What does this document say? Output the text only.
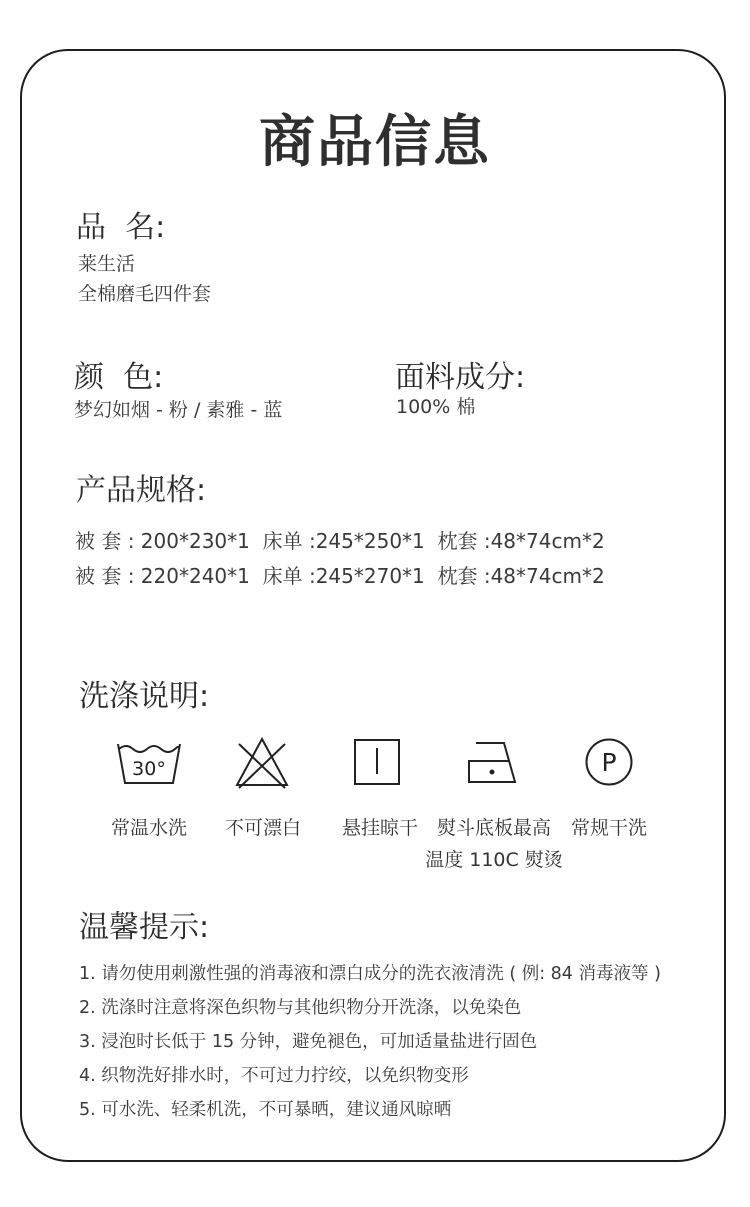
商品信息
品  名:
莱生活
全棉磨毛四件套
颜  色:
梦幻如烟 - 粉 / 素雅 - 蓝
面料成分:
100% 棉
产品规格:
被 套 : 200*230*1  床单 :245*250*1  枕套 :48*74cm*2
被 套 : 220*240*1  床单 :245*270*1  枕套 :48*74cm*2
洗涤说明:
30°	P
常温水洗	不可漂白	悬挂晾干 熨斗底板最高
温度 110C 熨烫
常规干洗
温馨提示:
1. 请勿使用刺激性强的消毒液和漂白成分的洗衣液清洗 ( 例: 84 消毒液等 )
2. 洗涤时注意将深色织物与其他织物分开洗涤，以免染色
3. 浸泡时长低于 15 分钟，避免褪色，可加适量盐进行固色
4. 织物洗好排水时，不可过力拧绞，以免织物变形
5. 可水洗、轻柔机洗，不可暴晒，建议通风晾晒
